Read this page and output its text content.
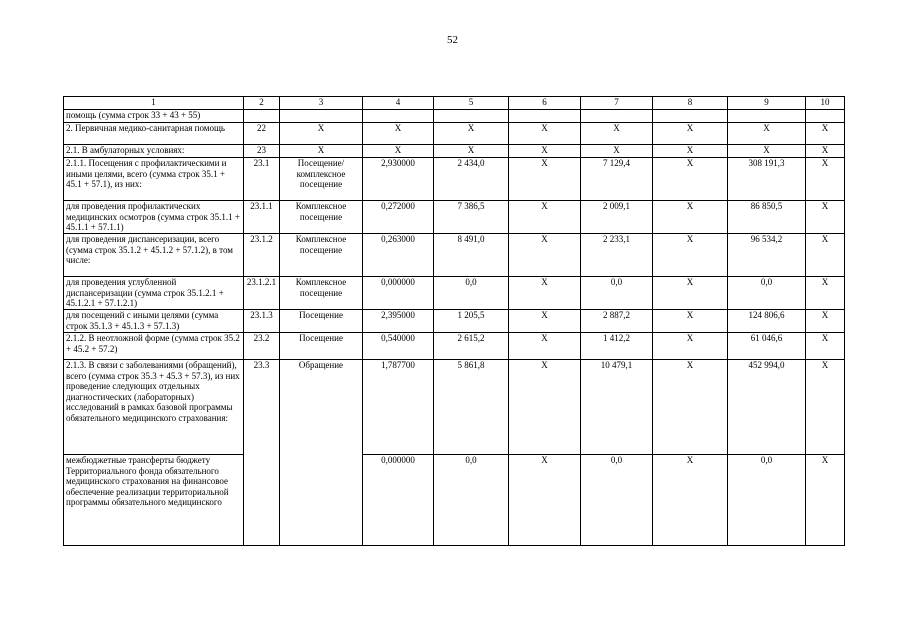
52
1	2	3	4	5	6	7	8	9	10
помощь (сумма строк 33 + 43 + 55)									
2. Первичная медико-санитарная помощь	22	X	X	X	X	X	X	X	X
2.1. В амбулаторных условиях:	23	X	X	X	X	X	X	X	X
2.1.1. Посещения с профилактическими и иными целями, всего (сумма строк 35.1 + 45.1 + 57.1), из них:	23.1	Посещение/ комплексное посещение	2,930000	2 434,0	X	7 129,4	X	308 191,3	X
для проведения профилактических медицинских осмотров (сумма строк 35.1.1 + 45.1.1 + 57.1.1)	23.1.1	Комплексное посещение	0,272000	7 386,5	X	2 009,1	X	86 850,5	X
для проведения диспансеризации, всего (сумма строк 35.1.2 + 45.1.2 + 57.1.2), в том числе:	23.1.2	Комплексное посещение	0,263000	8 491,0	X	2 233,1	X	96 534,2	X
для проведения углубленной диспансеризации (сумма строк 35.1.2.1 + 45.1.2.1 + 57.1.2.1)	23.1.2.1	Комплексное посещение	0,000000	0,0	X	0,0	X	0,0	X
для посещений с иными целями (сумма строк 35.1.3 + 45.1.3 + 57.1.3)	23.1.3	Посещение	2,395000	1 205,5	X	2 887,2	X	124 806,6	X
2.1.2. В неотложной форме (сумма строк 35.2 + 45.2 + 57.2)	23.2	Посещение	0,540000	2 615,2	X	1 412,2	X	61 046,6	X
2.1.3. В связи с заболеваниями (обращений), всего (сумма строк 35.3 + 45.3 + 57.3), из них проведение следующих отдельных диагностических (лабораторных) исследований в рамках базовой программы обязательного медицинского страхования:	23.3	Обращение	1,787700	5 861,8	X	10 479,1	X	452 994,0	X
межбюджетные трансферты бюджету Территориального фонда обязательного медицинского страхования на финансовое обеспечение реализации территориальной программы обязательного медицинского			0,000000	0,0	X	0,0	X	0,0	X
